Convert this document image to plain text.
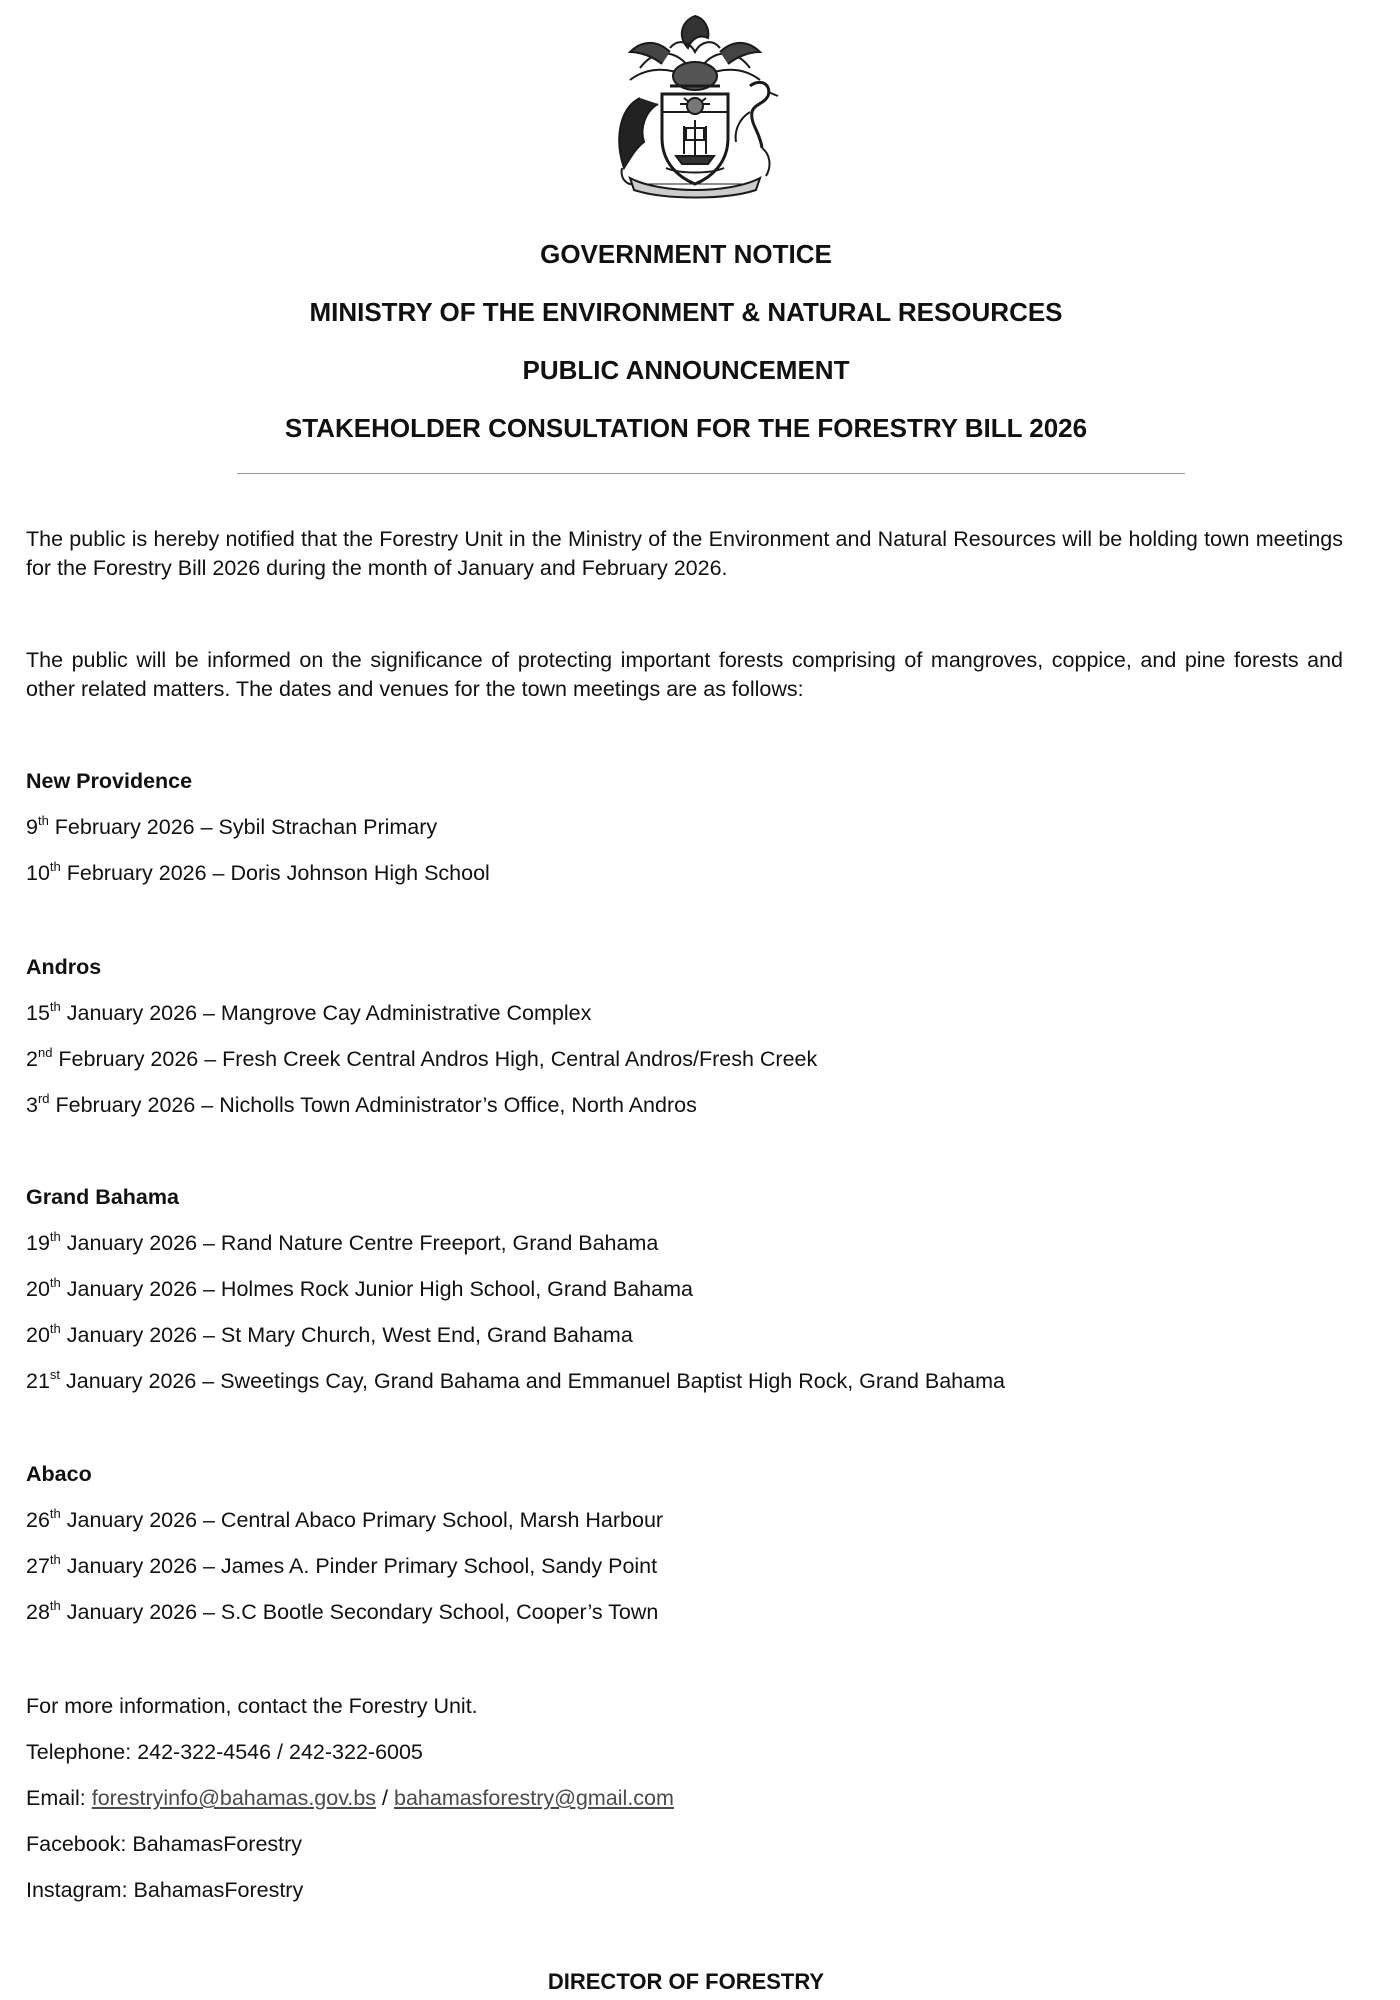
GOVERNMENT NOTICE

MINISTRY OF THE ENVIRONMENT & NATURAL RESOURCES

PUBLIC ANNOUNCEMENT

STAKEHOLDER CONSULTATION FOR THE FORESTRY BILL 2026

The public is hereby notified that the Forestry Unit in the Ministry of the Environment and Natural Resources will be holding town meetings for the Forestry Bill 2026 during the month of January and February 2026.

The public will be informed on the significance of protecting important forests comprising of mangroves, coppice, and pine forests and other related matters. The dates and venues for the town meetings are as follows:

New Providence
9th February 2026 – Sybil Strachan Primary
10th February 2026 – Doris Johnson High School
Andros
15th January 2026 – Mangrove Cay Administrative Complex
2nd February 2026 – Fresh Creek Central Andros High, Central Andros/Fresh Creek
3rd February 2026 – Nicholls Town Administrator’s Office, North Andros
Grand Bahama
19th January 2026 – Rand Nature Centre Freeport, Grand Bahama
20th January 2026 – Holmes Rock Junior High School, Grand Bahama
20th January 2026 – St Mary Church, West End, Grand Bahama
21st January 2026 – Sweetings Cay, Grand Bahama and Emmanuel Baptist High Rock, Grand Bahama
Abaco
26th January 2026 – Central Abaco Primary School, Marsh Harbour
27th January 2026 – James A. Pinder Primary School, Sandy Point
28th January 2026 – S.C Bootle Secondary School, Cooper’s Town
For more information, contact the Forestry Unit.
Telephone: 242-322-4546 / 242-322-6005
Email: forestryinfo@bahamas.gov.bs / bahamasforestry@gmail.com
Facebook: BahamasForestry
Instagram: BahamasForestry
DIRECTOR OF FORESTRY
